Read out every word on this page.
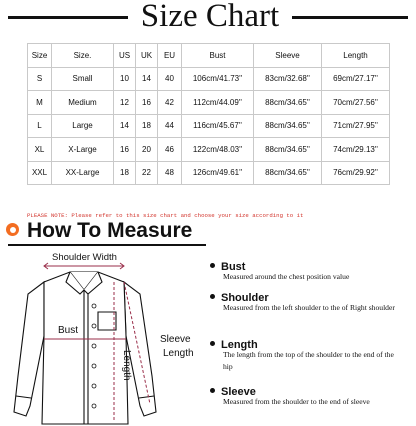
Size Chart
Size	Size.	US	UK	EU	Bust	Sleeve	Length
S	Small	10	14	40	106cm/41.73''	83cm/32.68''	69cm/27.17''
M	Medium	12	16	42	112cm/44.09''	88cm/34.65''	70cm/27.56''
L	Large	14	18	44	116cm/45.67''	88cm/34.65''	71cm/27.95''
XL	X-Large	16	20	46	122cm/48.03''	88cm/34.65''	74cm/29.13''
XXL	XX-Large	18	22	48	126cm/49.61''	88cm/34.65''	76cm/29.92''
PLEASE NOTE: Please refer to this size chart and choose your size according to it
How To Measure
Shoulder Width
Bust
Length
Sleeve
Length
Bust
Measured around the chest position value
Shoulder
Measured from the left shoulder to the of Right shoulder
Length
The length from the top of the shoulder to the end of the hip
Sleeve
Measured from the shoulder to the end of sleeve
